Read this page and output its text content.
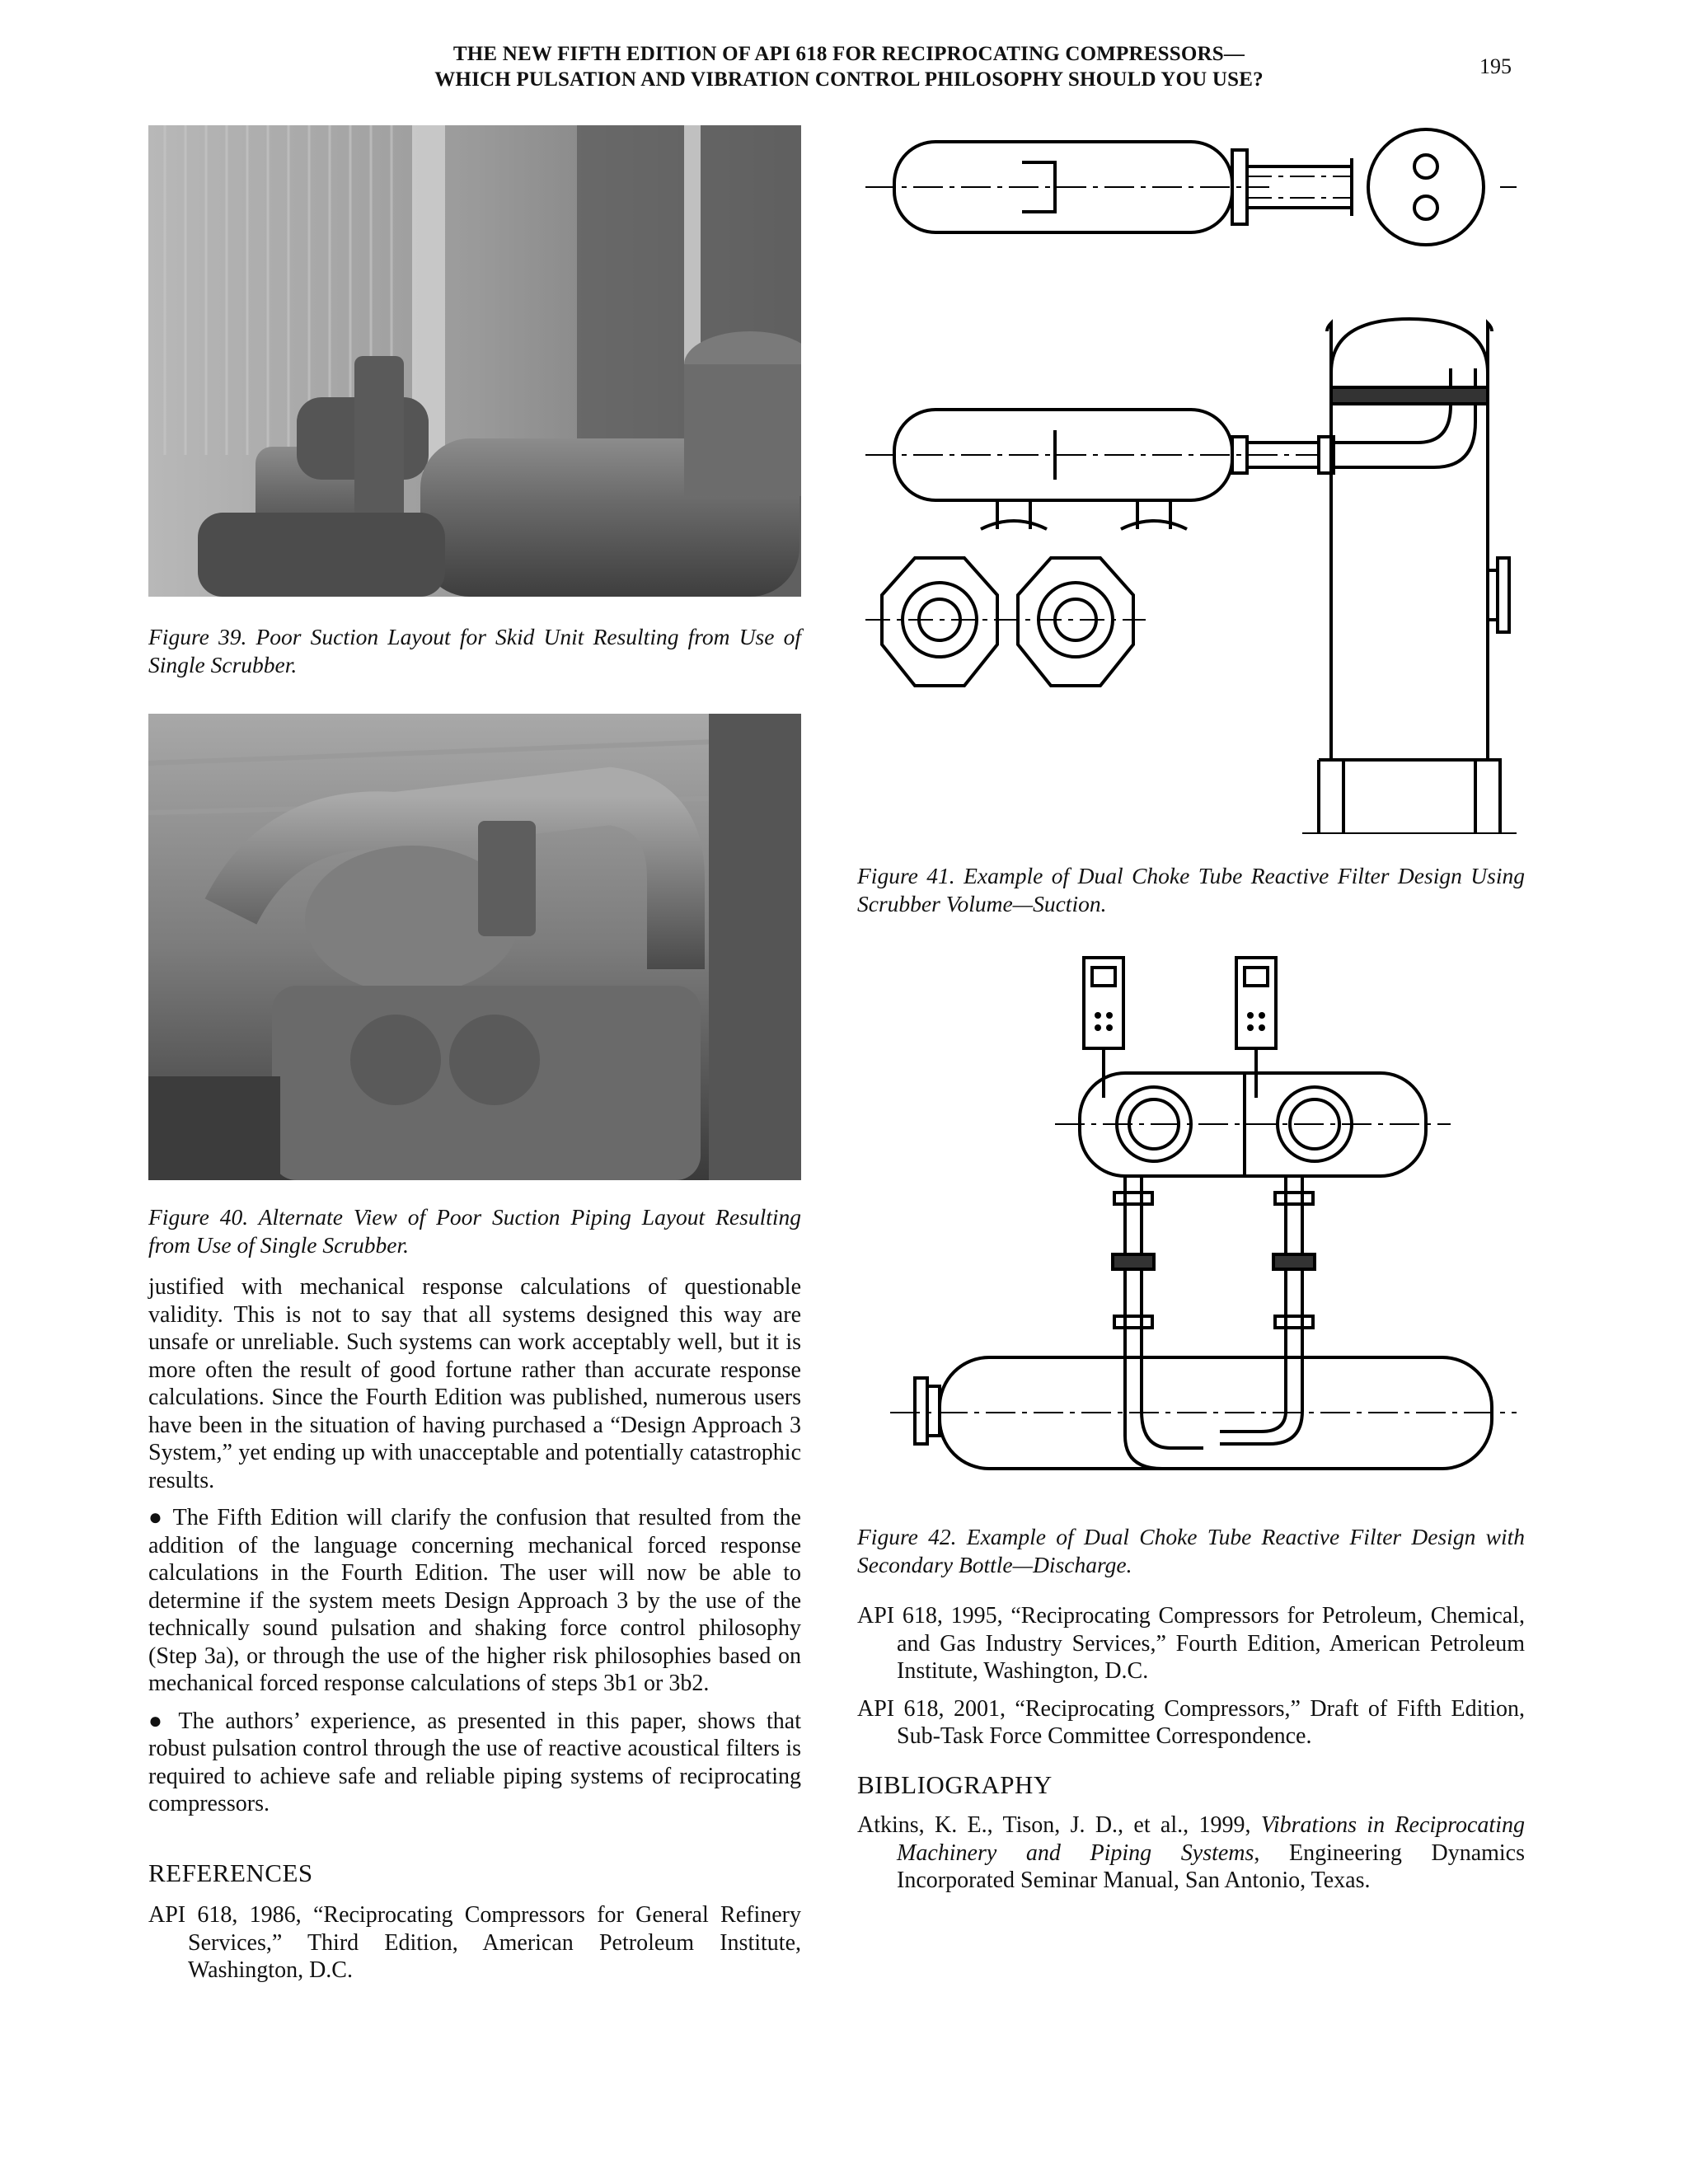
THE NEW FIFTH EDITION OF API 618 FOR RECIPROCATING COMPRESSORS—
WHICH PULSATION AND VIBRATION CONTROL PHILOSOPHY SHOULD YOU USE?
195
Figure 39. Poor Suction Layout for Skid Unit Resulting from Use of Single Scrubber.
Figure 40. Alternate View of Poor Suction Piping Layout Resulting from Use of Single Scrubber.

justified with mechanical response calculations of questionable validity. This is not to say that all systems designed this way are unsafe or unreliable. Such systems can work acceptably well, but it is more often the result of good fortune rather than accurate response calculations. Since the Fourth Edition was published, numerous users have been in the situation of having purchased a “Design Approach 3 System,” yet ending up with unacceptable and potentially catastrophic results.

● The Fifth Edition will clarify the confusion that resulted from the addition of the language concerning mechanical forced response calculations in the Fourth Edition. The user will now be able to determine if the system meets Design Approach 3 by the use of the technically sound pulsation and shaking force control philosophy (Step 3a), or through the use of the higher risk philosophies based on mechanical forced response calculations of steps 3b1 or 3b2.

● The authors’ experience, as presented in this paper, shows that robust pulsation control through the use of reactive acoustical filters is required to achieve safe and reliable piping systems of reciprocating compressors.

REFERENCES

API 618, 1986, “Reciprocating Compressors for General Refinery Services,” Third Edition, American Petroleum Institute, Washington, D.C.

Figure 41. Example of Dual Choke Tube Reactive Filter Design Using Scrubber Volume—Suction.
Figure 42. Example of Dual Choke Tube Reactive Filter Design with Secondary Bottle—Discharge.

API 618, 1995, “Reciprocating Compressors for Petroleum, Chemical, and Gas Industry Services,” Fourth Edition, American Petroleum Institute, Washington, D.C.

API 618, 2001, “Reciprocating Compressors,” Draft of Fifth Edition, Sub-Task Force Committee Correspondence.

BIBLIOGRAPHY

Atkins, K. E., Tison, J. D., et al., 1999, Vibrations in Reciprocating Machinery and Piping Systems, Engineering Dynamics Incorporated Seminar Manual, San Antonio, Texas.
